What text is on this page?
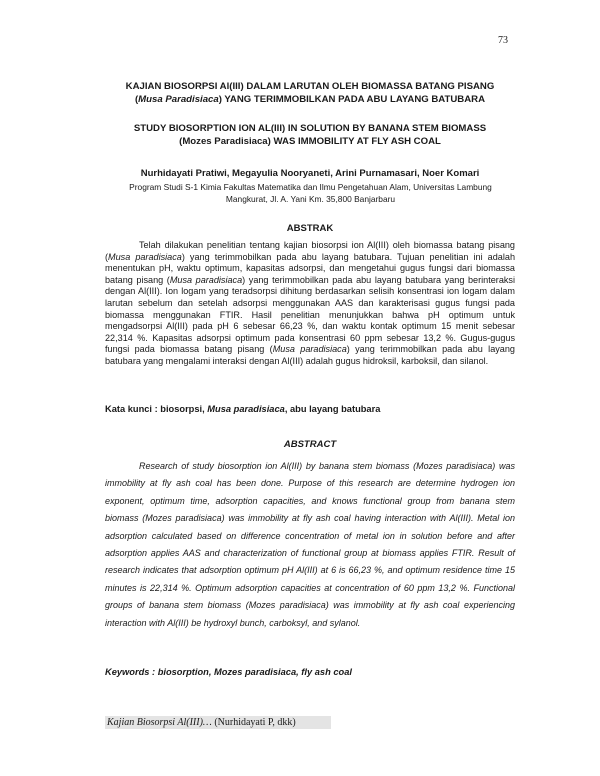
73
KAJIAN BIOSORPSI Al(III) DALAM LARUTAN OLEH BIOMASSA BATANG PISANG
(Musa Paradisiaca) YANG TERIMMOBILKAN PADA ABU LAYANG BATUBARA
STUDY BIOSORPTION ION AL(III) IN SOLUTION BY BANANA STEM BIOMASS
(Mozes Paradisiaca) WAS IMMOBILITY AT FLY ASH COAL

Nurhidayati Pratiwi, Megayulia Nooryaneti, Arini Purnamasari, Noer Komari

Program Studi S-1 Kimia Fakultas Matematika dan Ilmu Pengetahuan Alam, Universitas Lambung Mangkurat, Jl. A. Yani Km. 35,800 Banjarbaru

ABSTRAK

Telah dilakukan penelitian tentang kajian biosorpsi ion Al(III) oleh biomassa batang pisang (Musa paradisiaca) yang terimmobilkan pada abu layang batubara. Tujuan penelitian ini adalah menentukan pH, waktu optimum, kapasitas adsorpsi, dan mengetahui gugus fungsi dari biomassa batang pisang (Musa paradisiaca) yang terimmobilkan pada abu layang batubara yang berinteraksi dengan Al(III). Ion logam yang teradsorpsi dihitung berdasarkan selisih konsentrasi ion logam dalam larutan sebelum dan setelah adsorpsi menggunakan AAS dan karakterisasi gugus fungsi pada biomassa menggunakan FTIR. Hasil penelitian menunjukkan bahwa pH optimum untuk mengadsorpsi Al(III) pada pH 6 sebesar 66,23 %, dan waktu kontak optimum 15 menit sebesar 22,314 %. Kapasitas adsorpsi optimum pada konsentrasi 60 ppm sebesar 13,2 %. Gugus-gugus fungsi pada biomassa batang pisang (Musa paradisiaca) yang terimmobilkan pada abu layang batubara yang mengalami interaksi dengan Al(III) adalah gugus hidroksil, karboksil, dan silanol.

Kata kunci : biosorpsi, Musa paradisiaca, abu layang batubara

ABSTRACT

Research of study biosorption ion Al(III) by banana stem biomass (Mozes paradisiaca) was immobility at fly ash coal has been done. Purpose of this research are determine hydrogen ion exponent, optimum time, adsorption capacities, and knows functional group from banana stem biomass (Mozes paradisiaca) was immobility at fly ash coal having interaction with Al(III). Metal ion adsorption calculated based on difference concentration of metal ion in solution before and after adsorption applies AAS and characterization of functional group at biomass applies FTIR. Result of research indicates that adsorption optimum pH Al(III) at 6 is 66,23 %, and optimum residence time 15 minutes is 22,314 %. Optimum adsorption capacities at concentration of 60 ppm 13,2 %. Functional groups of banana stem biomass (Mozes paradisiaca) was immobility at fly ash coal experiencing interaction with Al(III) be hydroxyl bunch, carboksyl, and sylanol.

Keywords : biosorption, Mozes paradisiaca, fly ash coal

Kajian Biosorpsi Al(III)… (Nurhidayati P, dkk)
